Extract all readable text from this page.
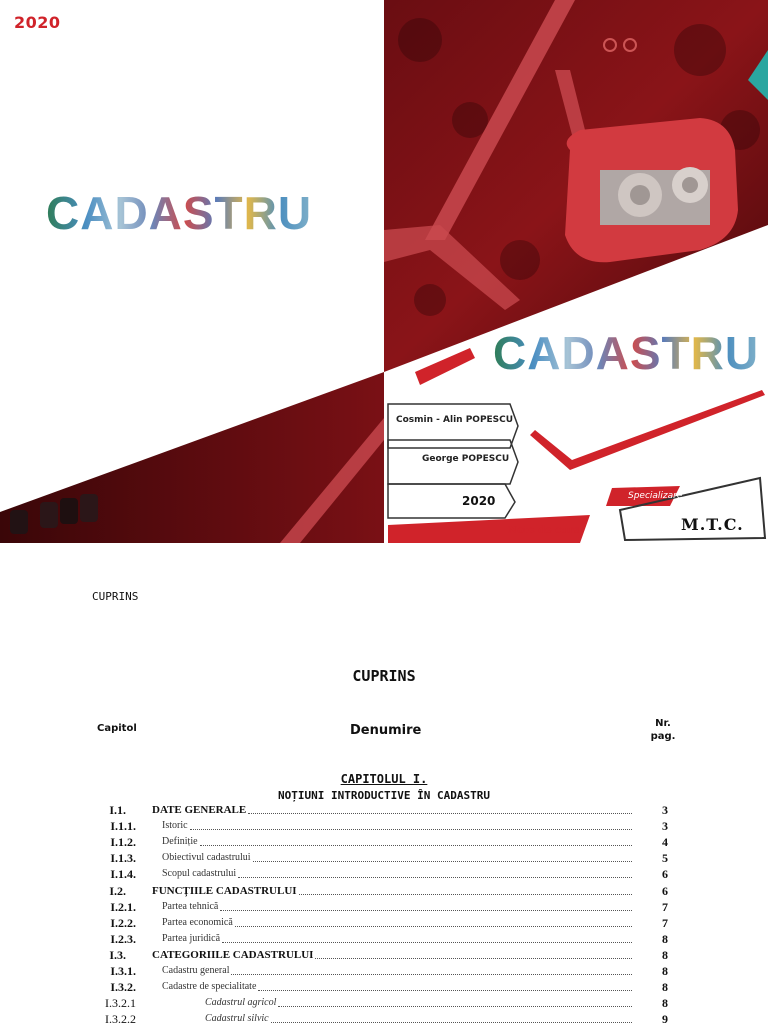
2020
CADASTRU
CADASTRU
Cosmin - Alin POPESCU
George POPESCU
2020
Note de curs
Specializare
M.T.C.
CUPRINS
CUPRINS
Capitol	Denumire	Nr.
pag.
CAPITOLUL I.
NOȚIUNI INTRODUCTIVE ÎN CADASTRU
I.1. DATE GENERALE	3
I.1.1.	Istoric	3
I.1.2.	Definiție	4
I.1.3.	Obiectivul cadastrului	5
I.1.4.	Scopul cadastrului	6
I.2. FUNCȚIILE CADASTRULUI	6
I.2.1.	Partea tehnică	7
I.2.2.	Partea economică	7
I.2.3.	Partea juridică	8
I.3. CATEGORIILE CADASTRULUI	8
I.3.1.	Cadastru general	8
I.3.2.	Cadastre de specialitate	8
I.3.2.1	Cadastrul agricol	8
I.3.2.2	Cadastrul silvic	9
